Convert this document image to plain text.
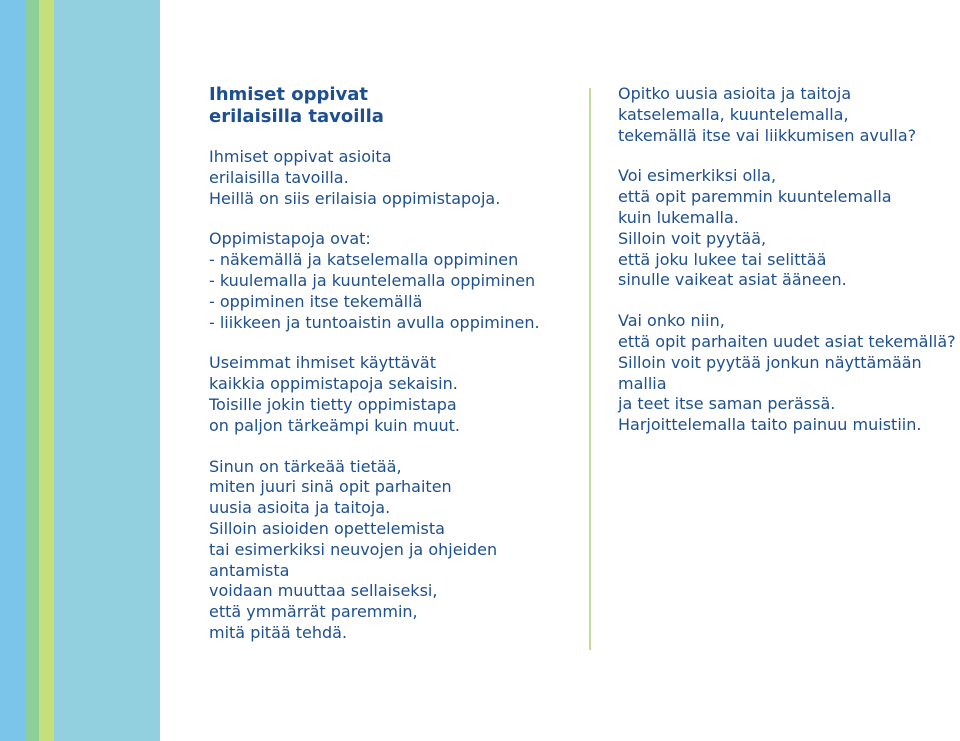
Ihmiset oppivat
erilaisilla tavoilla
Ihmiset oppivat asioita
erilaisilla tavoilla.
Heillä on siis erilaisia oppimistapoja.
Oppimistapoja ovat:
- näkemällä ja katselemalla oppiminen
- kuulemalla ja kuuntelemalla oppiminen
- oppiminen itse tekemällä
- liikkeen ja tuntoaistin avulla oppiminen.
Useimmat ihmiset käyttävät
kaikkia oppimistapoja sekaisin.
Toisille jokin tietty oppimistapa
on paljon tärkeämpi kuin muut.
Sinun on tärkeää tietää,
miten juuri sinä opit parhaiten
uusia asioita ja taitoja.
Silloin asioiden opettelemista
tai esimerkiksi neuvojen ja ohjeiden antamista
voidaan muuttaa sellaiseksi,
että ymmärrät paremmin,
mitä pitää tehdä.
Opitko uusia asioita ja taitoja
katselemalla, kuuntelemalla,
tekemällä itse vai liikkumisen avulla?
Voi esimerkiksi olla,
että opit paremmin kuuntelemalla
kuin lukemalla.
Silloin voit pyytää,
että joku lukee tai selittää
sinulle vaikeat asiat ääneen.
Vai onko niin,
että opit parhaiten uudet asiat tekemällä?
Silloin voit pyytää jonkun näyttämään mallia
ja teet itse saman perässä.
Harjoittelemalla taito painuu muistiin.
